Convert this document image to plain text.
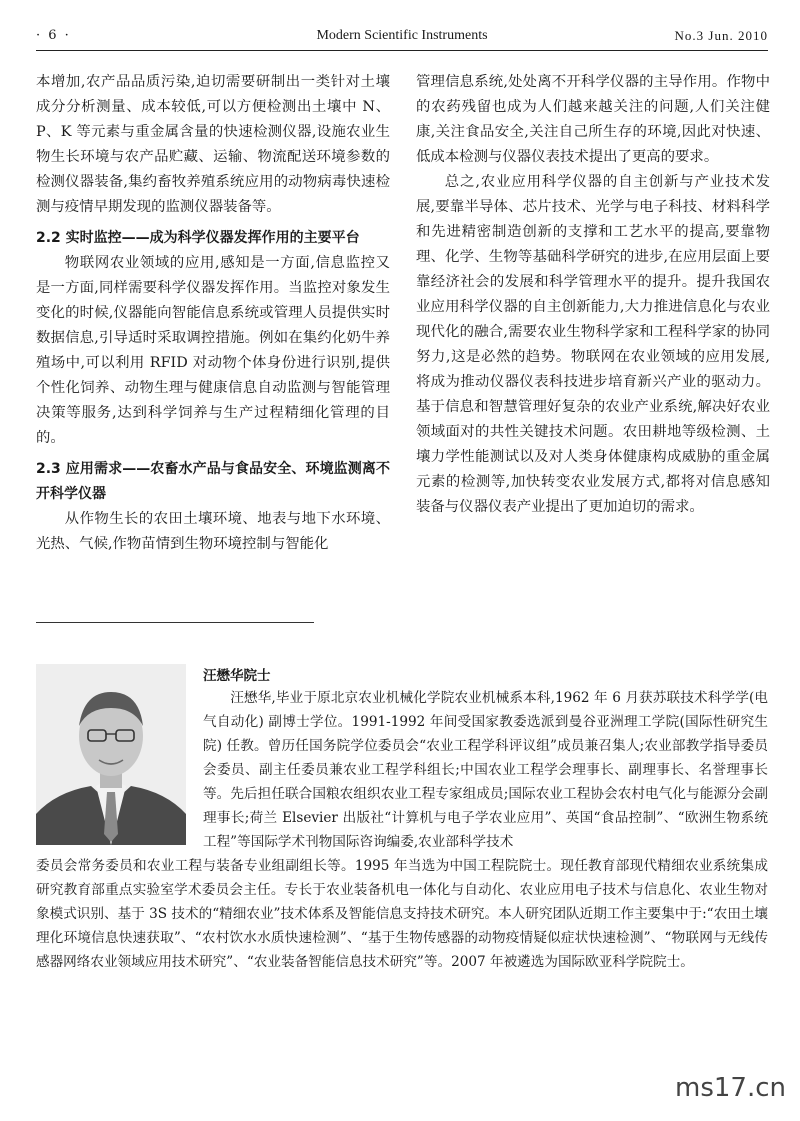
· 6 ·	Modern Scientific Instruments	No.3 Jun. 2010

本增加,农产品品质污染,迫切需要研制出一类针对土壤成分分析测量、成本较低,可以方便检测出土壤中 N、P、K 等元素与重金属含量的快速检测仪器,设施农业生物生长环境与农产品贮藏、运输、物流配送环境参数的检测仪器装备,集约畜牧养殖系统应用的动物病毒快速检测与疫情早期发现的监测仪器装备等。

2.2 实时监控——成为科学仪器发挥作用的主要平台

物联网农业领域的应用,感知是一方面,信息监控又是一方面,同样需要科学仪器发挥作用。当监控对象发生变化的时候,仪器能向智能信息系统或管理人员提供实时数据信息,引导适时采取调控措施。例如在集约化奶牛养殖场中,可以利用 RFID 对动物个体身份进行识别,提供个性化饲养、动物生理与健康信息自动监测与智能管理决策等服务,达到科学饲养与生产过程精细化管理的目的。

2.3 应用需求——农畜水产品与食品安全、环境监测离不开科学仪器

从作物生长的农田土壤环境、地表与地下水环境、光热、气候,作物苗情到生物环境控制与智能化

管理信息系统,处处离不开科学仪器的主导作用。作物中的农药残留也成为人们越来越关注的问题,人们关注健康,关注食品安全,关注自己所生存的环境,因此对快速、低成本检测与仪器仪表技术提出了更高的要求。

总之,农业应用科学仪器的自主创新与产业技术发展,要靠半导体、芯片技术、光学与电子科技、材料科学和先进精密制造创新的支撑和工艺水平的提高,要靠物理、化学、生物等基础科学研究的进步,在应用层面上要靠经济社会的发展和科学管理水平的提升。提升我国农业应用科学仪器的自主创新能力,大力推进信息化与农业现代化的融合,需要农业生物科学家和工程科学家的协同努力,这是必然的趋势。物联网在农业领域的应用发展,将成为推动仪器仪表科技进步培育新兴产业的驱动力。基于信息和智慧管理好复杂的农业产业系统,解决好农业领域面对的共性关键技术问题。农田耕地等级检测、土壤力学性能测试以及对人类身体健康构成威胁的重金属元素的检测等,加快转变农业发展方式,都将对信息感知装备与仪器仪表产业提出了更加迫切的需求。

汪懋华院士

汪懋华,毕业于原北京农业机械化学院农业机械系本科,1962 年 6 月获苏联技术科学学(电气自动化) 副博士学位。1991-1992 年间受国家教委选派到曼谷亚洲理工学院(国际性研究生院) 任教。曾历任国务院学位委员会“农业工程学科评议组”成员兼召集人;农业部教学指导委员会委员、副主任委员兼农业工程学科组长;中国农业工程学会理事长、副理事长、名誉理事长等。先后担任联合国粮农组织农业工程专家组成员;国际农业工程协会农村电气化与能源分会副理事长;荷兰 Elsevier 出版社“计算机与电子学农业应用”、英国“食品控制”、“欧洲生物系统工程”等国际学术刊物国际咨询编委,农业部科学技术

委员会常务委员和农业工程与装备专业组副组长等。1995 年当选为中国工程院院士。现任教育部现代精细农业系统集成研究教育部重点实验室学术委员会主任。专长于农业装备机电一体化与自动化、农业应用电子技术与信息化、农业生物对象模式识别、基于 3S 技术的“精细农业”技术体系及智能信息支持技术研究。本人研究团队近期工作主要集中于:“农田土壤理化环境信息快速获取”、“农村饮水水质快速检测”、“基于生物传感器的动物疫情疑似症状快速检测”、“物联网与无线传感器网络农业领域应用技术研究”、“农业装备智能信息技术研究”等。2007 年被遴选为国际欧亚科学院院士。

ms17.cn
